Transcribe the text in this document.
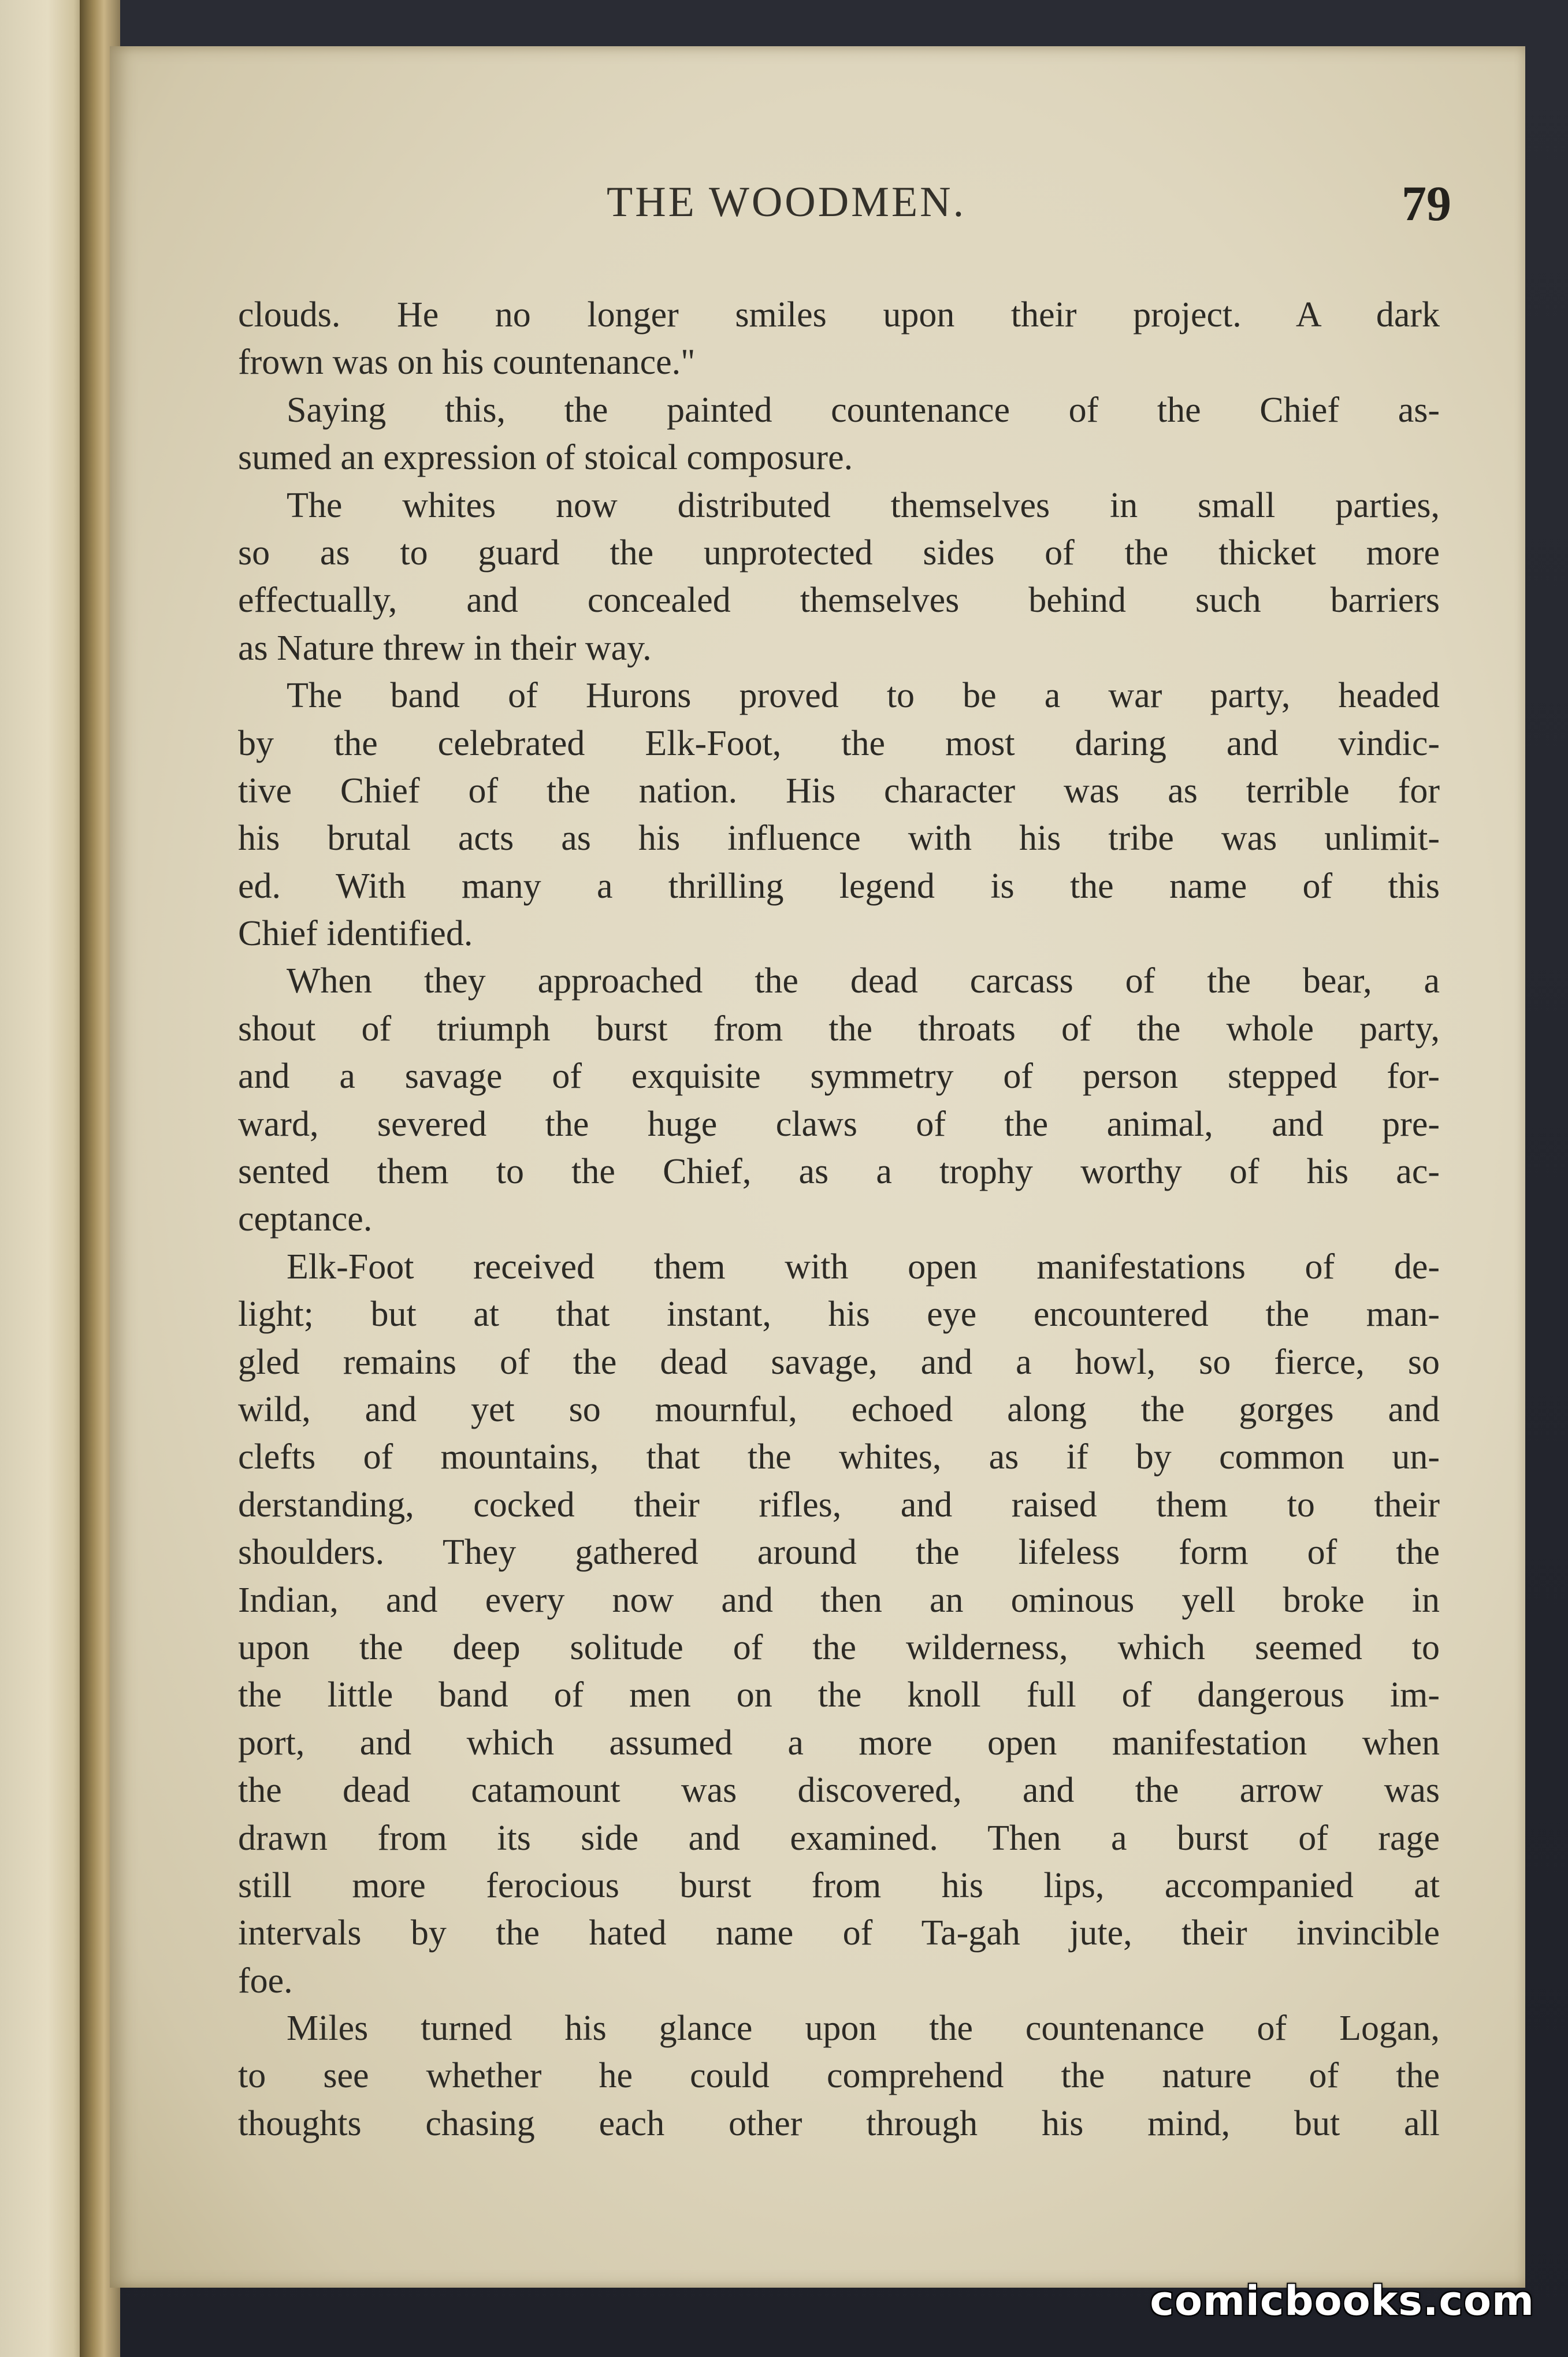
THE WOODMEN.	79
clouds. He no longer smiles upon their project. A dark
frown was on his countenance."
Saying this, the painted countenance of the Chief as-
sumed an expression of stoical composure.
The whites now distributed themselves in small parties,
so as to guard the unprotected sides of the thicket more
effectually, and concealed themselves behind such barriers
as Nature threw in their way.
The band of Hurons proved to be a war party, headed
by the celebrated Elk-Foot, the most daring and vindic-
tive Chief of the nation. His character was as terrible for
his brutal acts as his influence with his tribe was unlimit-
ed. With many a thrilling legend is the name of this
Chief identified.
When they approached the dead carcass of the bear, a
shout of triumph burst from the throats of the whole party,
and a savage of exquisite symmetry of person stepped for-
ward, severed the huge claws of the animal, and pre-
sented them to the Chief, as a trophy worthy of his ac-
ceptance.
Elk-Foot received them with open manifestations of de-
light; but at that instant, his eye encountered the man-
gled remains of the dead savage, and a howl, so fierce, so
wild, and yet so mournful, echoed along the gorges and
clefts of mountains, that the whites, as if by common un-
derstanding, cocked their rifles, and raised them to their
shoulders. They gathered around the lifeless form of the
Indian, and every now and then an ominous yell broke in
upon the deep solitude of the wilderness, which seemed to
the little band of men on the knoll full of dangerous im-
port, and which assumed a more open manifestation when
the dead catamount was discovered, and the arrow was
drawn from its side and examined. Then a burst of rage
still more ferocious burst from his lips, accompanied at
intervals by the hated name of Ta-gah jute, their invincible
foe.
Miles turned his glance upon the countenance of Logan,
to see whether he could comprehend the nature of the
thoughts chasing each other through his mind, but all
comicbooks.com
